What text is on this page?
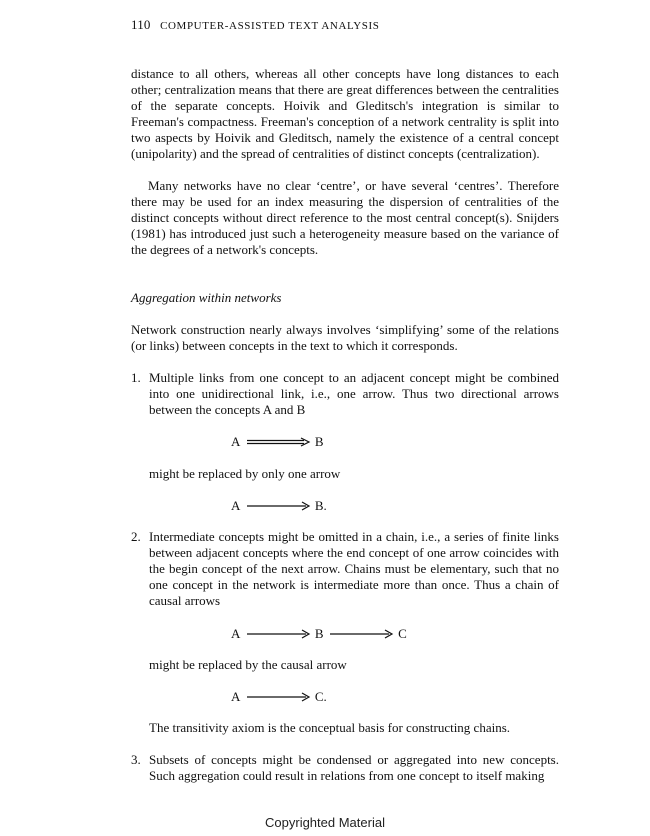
110 COMPUTER-ASSISTED TEXT ANALYSIS

distance to all others, whereas all other concepts have long distances to each other; centralization means that there are great differences between the centralities of the separate concepts. Hoivik and Gleditsch's integration is similar to Freeman's compactness. Freeman's conception of a network centrality is split into two aspects by Hoivik and Gleditsch, namely the existence of a central concept (unipolarity) and the spread of centralities of distinct concepts (centralization).

Many networks have no clear ‘centre’, or have several ‘centres’. Therefore there may be used for an index measuring the dispersion of centralities of the distinct concepts without direct reference to the most central concept(s). Snijders (1981) has introduced just such a heterogeneity measure based on the variance of the degrees of a network's concepts.

Aggregation within networks

Network construction nearly always involves ‘simplifying’ some of the relations (or links) between concepts in the text to which it corresponds.

1. Multiple links from one concept to an adjacent concept might be combined into one unidirectional link, i.e., one arrow. Thus two directional arrows between the concepts A and B
A	B
might be replaced by only one arrow
A	B.
2. Intermediate concepts might be omitted in a chain, i.e., a series of finite links between adjacent concepts where the end concept of one arrow coincides with the begin concept of the next arrow. Chains must be elementary, such that no one concept in the network is intermediate more than once. Thus a chain of causal arrows
A	B	C
might be replaced by the causal arrow
A	C.
The transitivity axiom is the conceptual basis for constructing chains.
3. Subsets of concepts might be condensed or aggregated into new concepts. Such aggregation could result in relations from one concept to itself making
Copyrighted Material
